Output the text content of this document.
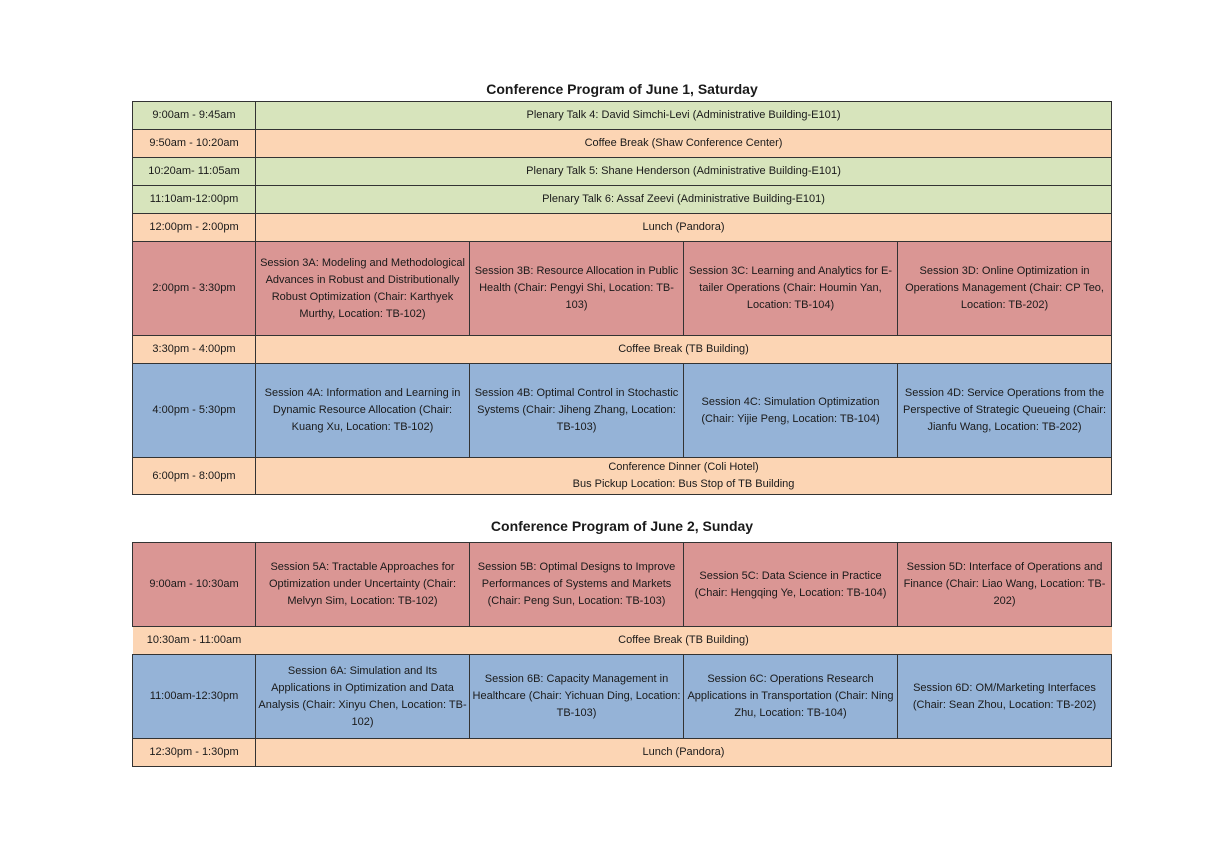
Conference Program of June 1, Saturday
9:00am - 9:45am	Plenary Talk 4: David Simchi-Levi (Administrative Building-E101)			
9:50am - 10:20am	Coffee Break (Shaw Conference Center)			
10:20am- 11:05am	Plenary Talk 5: Shane Henderson (Administrative Building-E101)			
11:10am-12:00pm	Plenary Talk 6: Assaf Zeevi (Administrative Building-E101)			
12:00pm - 2:00pm	Lunch (Pandora)			
2:00pm - 3:30pm	Session 3A: Modeling and Methodological Advances in Robust and Distributionally Robust Optimization (Chair: Karthyek Murthy, Location: TB-102)	Session 3B: Resource Allocation in Public Health (Chair: Pengyi Shi, Location: TB-103)	Session 3C: Learning and Analytics for E-tailer Operations (Chair: Houmin Yan, Location: TB-104)	Session 3D: Online Optimization in Operations Management (Chair: CP Teo, Location: TB-202)
3:30pm - 4:00pm	Coffee Break (TB Building)			
4:00pm - 5:30pm	Session 4A: Information and Learning in Dynamic Resource Allocation (Chair: Kuang Xu, Location: TB-102)	Session 4B: Optimal Control in Stochastic Systems (Chair: Jiheng Zhang, Location: TB-103)	Session 4C: Simulation Optimization (Chair: Yijie Peng, Location: TB-104)	Session 4D: Service Operations from the Perspective of Strategic Queueing (Chair: Jianfu Wang, Location: TB-202)
6:00pm - 8:00pm	Conference Dinner (Coli Hotel)
Bus Pickup Location: Bus Stop of TB Building			
Conference Program of June 2, Sunday
9:00am - 10:30am	Session 5A: Tractable Approaches for Optimization under Uncertainty (Chair: Melvyn Sim, Location: TB-102)	Session 5B: Optimal Designs to Improve Performances of Systems and Markets (Chair: Peng Sun, Location: TB-103)	Session 5C: Data Science in Practice (Chair: Hengqing Ye, Location: TB-104)	Session 5D: Interface of Operations and Finance (Chair: Liao Wang, Location: TB-202)
10:30am - 11:00am	Coffee Break (TB Building)			
11:00am-12:30pm	Session 6A: Simulation and Its Applications in Optimization and Data Analysis (Chair: Xinyu Chen, Location: TB-102)	Session 6B: Capacity Management in Healthcare (Chair: Yichuan Ding, Location: TB-103)	Session 6C: Operations Research Applications in Transportation (Chair: Ning Zhu, Location: TB-104)	Session 6D: OM/Marketing Interfaces (Chair: Sean Zhou, Location: TB-202)
12:30pm - 1:30pm	Lunch (Pandora)			
